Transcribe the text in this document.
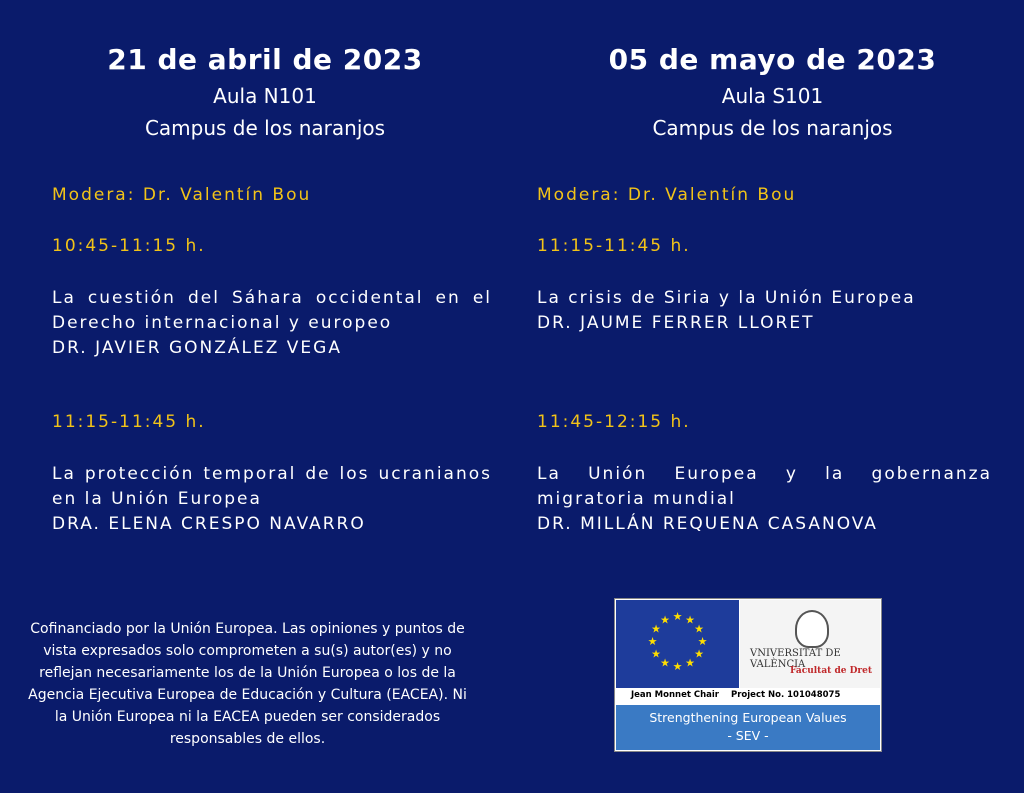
21 de abril de 2023
Aula N101
Campus de los naranjos
05 de mayo de 2023
Aula S101
Campus de los naranjos
Modera: Dr. Valentín Bou
10:45-11:15 h.
La cuestión del Sáhara occidental en el Derecho internacional y europeo
DR. JAVIER GONZÁLEZ VEGA
11:15-11:45 h.
La protección temporal de los ucranianos en la Unión Europea
DRA. ELENA CRESPO NAVARRO
Modera: Dr. Valentín Bou
11:15-11:45 h.
La crisis de Siria y la Unión Europea
DR. JAUME FERRER LLORET
11:45-12:15 h.
La Unión Europea y la gobernanza migratoria mundial
DR. MILLÁN REQUENA CASANOVA
Cofinanciado por la Unión Europea. Las opiniones y puntos de vista expresados solo comprometen a su(s) autor(es) y no reflejan necesariamente los de la Unión Europea o los de la Agencia Ejecutiva Europea de Educación y Cultura (EACEA). Ni la Unión Europea ni la EACEA pueden ser considerados responsables de ellos.
★ ★
★
★
★
★
★
★
★
★
★
★
VNIVERSITAT DE VALÈNCIA
Facultat de Dret
Jean Monnet Chair Project No. 101048075
Strengthening European Values
- SEV -
